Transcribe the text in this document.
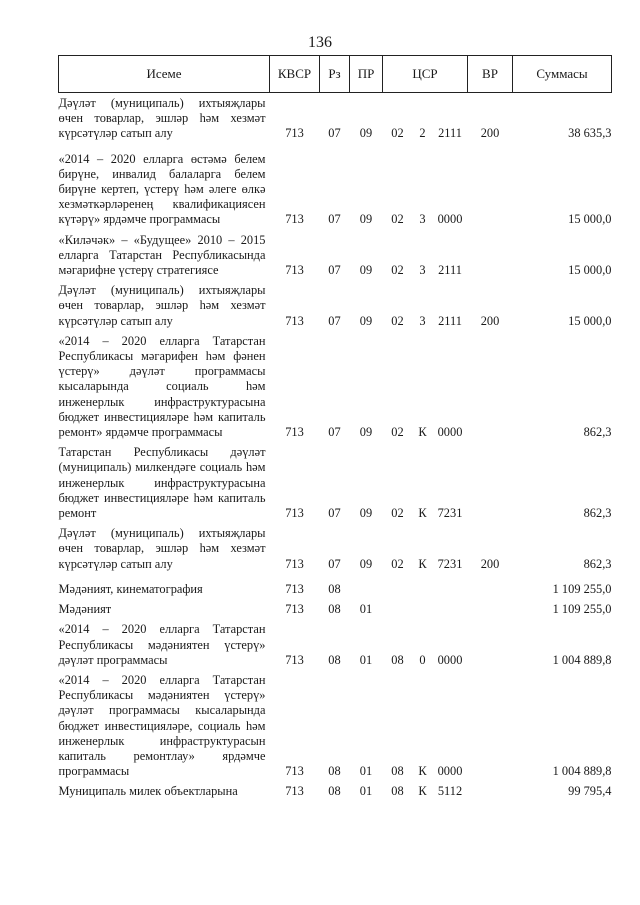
136
Исеме	КВСР	Рз	ПР	ЦСР			ВР	Суммасы
Дәүләт (муниципаль) ихтыяҗлары өчен товарлар, эшләр һәм хезмәт күрсәтүләр сатып алу	713	07	09	02	2	2111	200	38 635,3
«2014 – 2020 елларга өстәмә белем бирүне, инвалид балаларга белем бирүне кертеп, үстерү һәм әлеге өлкә хезмәткәрләренең квалификациясен күтәрү» ярдәмче программасы	713	07	09	02	3	0000		15 000,0
«Киләчәк» – «Будущее» 2010 – 2015 елларга Татарстан Республикасында мәгарифне үстерү стратегиясе	713	07	09	02	3	2111		15 000,0
Дәүләт (муниципаль) ихтыяҗлары өчен товарлар, эшләр һәм хезмәт күрсәтүләр сатып алу	713	07	09	02	3	2111	200	15 000,0
«2014 – 2020 елларга Татарстан Республикасы мәгарифен һәм фәнен үстерү» дәүләт программасы кысаларында социаль һәм инженерлык инфраструктурасына бюджет инвестицияләре һәм капиталь ремонт» ярдәмче программасы	713	07	09	02	К	0000		862,3
Татарстан Республикасы дәүләт (муниципаль) милкендәге социаль һәм инженерлык инфраструктурасына бюджет инвестицияләре һәм капиталь ремонт	713	07	09	02	К	7231		862,3
Дәүләт (муниципаль) ихтыяҗлары өчен товарлар, эшләр һәм хезмәт күрсәтүләр сатып алу	713	07	09	02	К	7231	200	862,3
Мәдәният, кинематография	713	08						1 109 255,0
Мәдәният	713	08	01					1 109 255,0
«2014 – 2020 елларга Татарстан Республикасы мәдәниятен үстерү» дәүләт программасы	713	08	01	08	0	0000		1 004 889,8
«2014 – 2020 елларга Татарстан Республикасы мәдәниятен үстерү» дәүләт программасы кысаларында бюджет инвестицияләре, социаль һәм инженерлык инфраструктурасын капиталь ремонтлау» ярдәмче программасы	713	08	01	08	К	0000		1 004 889,8
Муниципаль милек объектларына	713	08	01	08	К	5112		99 795,4
